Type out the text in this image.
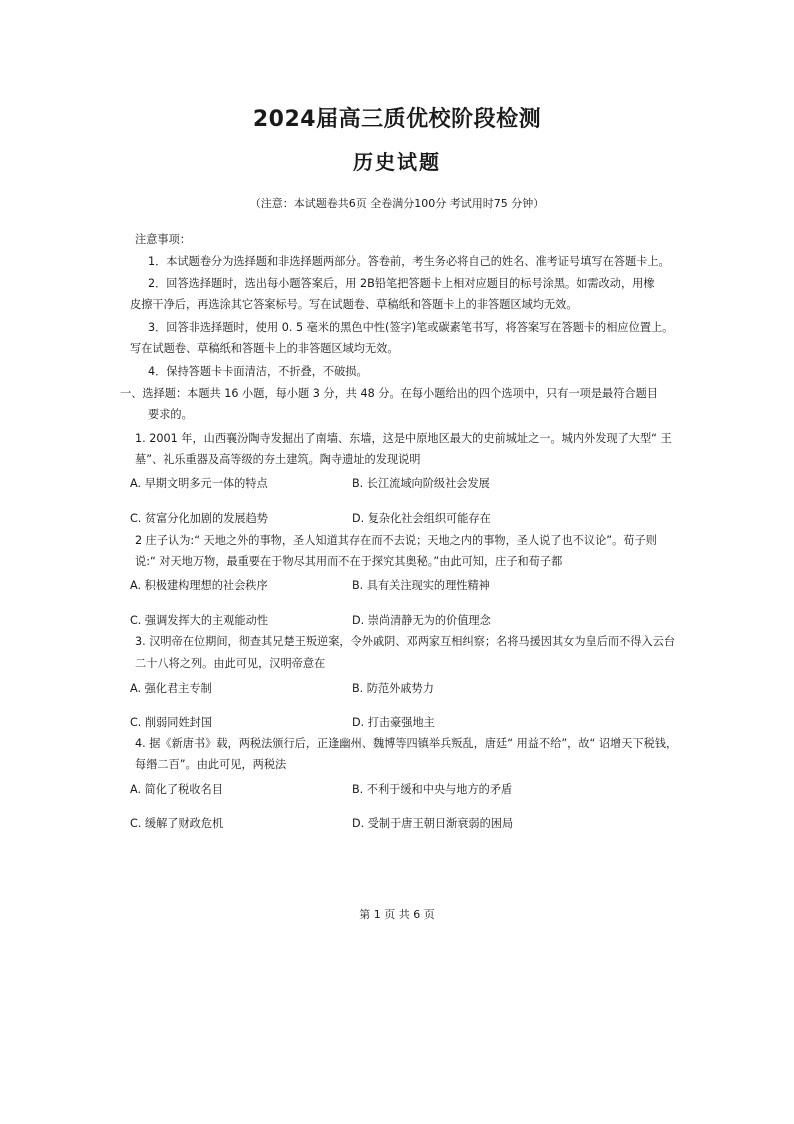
2024届高三质优校阶段检测
历史试题
（注意：本试题卷共6页 全卷满分100分 考试用时75 分钟）
注意事项：
1．本试题卷分为选择题和非选择题两部分。答卷前，考生务必将自己的姓名、准考证号填写在答题卡上。
2．回答选择题时，选出每小题答案后，用 2B铅笔把答题卡上相对应题目的标号涂黑。如需改动，用橡
皮擦干净后，再选涂其它答案标号。写在试题卷、草稿纸和答题卡上的非答题区域均无效。
3．回答非选择题时，使用 0. 5 毫米的黑色中性(签字)笔或碳素笔书写，将答案写在答题卡的相应位置上。
写在试题卷、草稿纸和答题卡上的非答题区域均无效。
4．保持答题卡卡面清洁，不折叠，不破损。
一、选择题：本题共 16 小题，每小题 3 分，共 48 分。在每小题给出的四个选项中，只有一项是最符合题目
要求的。
1. 2001 年，山西襄汾陶寺发掘出了南墙、东墙，这是中原地区最大的史前城址之一。城内外发现了大型“ 王
墓”、礼乐重器及高等级的夯土建筑。陶寺遗址的发现说明
A. 早期文明多元一体的特点	B. 长江流域向阶级社会发展
C. 贫富分化加剧的发展趋势	D. 复杂化社会组织可能存在
2 庄子认为:“ 天地之外的事物，圣人知道其存在而不去说；天地之内的事物，圣人说了也不议论”。荀子则
说:“ 对天地万物，最重要在于物尽其用而不在于探究其奥秘。”由此可知，庄子和荀子都
A. 积极建构理想的社会秩序	B. 具有关注现实的理性精神
C. 强调发挥大的主观能动性	D. 崇尚清静无为的价值理念
3. 汉明帝在位期间，彻查其兄楚王叛逆案，令外戚阴、邓两家互相纠察；名将马援因其女为皇后而不得入云台
二十八将之列。由此可见，汉明帝意在
A. 强化君主专制	B. 防范外戚势力
C. 削弱同姓封国	D. 打击豪强地主
4. 据《新唐书》载，两税法颁行后，正逢幽州、魏博等四镇举兵叛乱，唐廷“ 用益不给”，故“ 诏增天下税钱，
每缗二百”。由此可见，两税法
A. 简化了税收名目	B. 不利于缓和中央与地方的矛盾
C. 缓解了财政危机	D. 受制于唐王朝日渐衰弱的困局
第 1 页 共 6 页
